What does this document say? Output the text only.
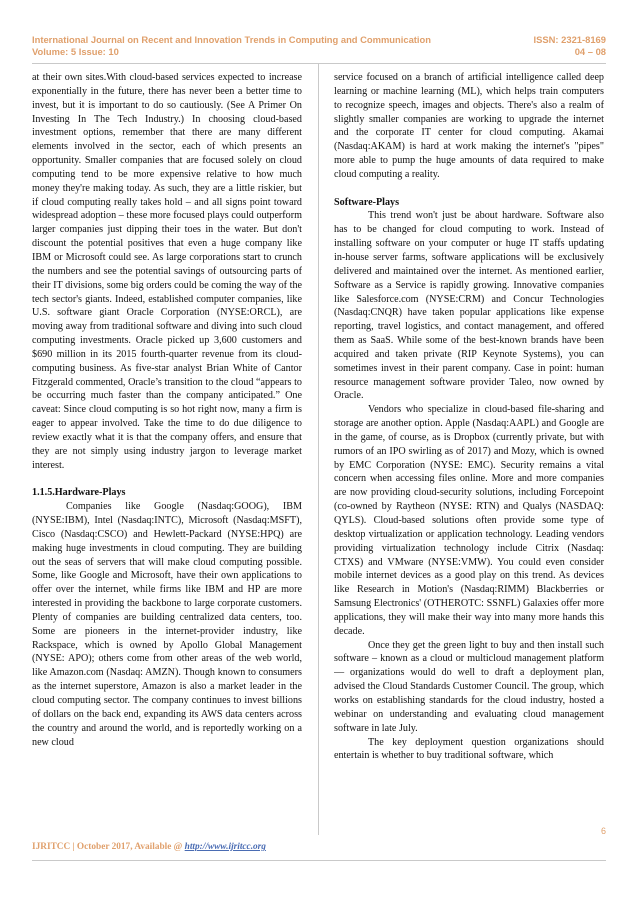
International Journal on Recent and Innovation Trends in Computing and Communication	ISSN: 2321-8169
Volume: 5 Issue: 10	04 – 08

at their own sites.With cloud-based services expected to increase exponentially in the future, there has never been a better time to invest, but it is important to do so cautiously. (See A Primer On Investing In The Tech Industry.) In choosing cloud-based investment options, remember that there are many different elements involved in the sector, each of which presents an opportunity. Smaller companies that are focused solely on cloud computing tend to be more expensive relative to how much money they're making today. As such, they are a little riskier, but if cloud computing really takes hold – and all signs point toward widespread adoption – these more focused plays could outperform larger companies just dipping their toes in the water. But don't discount the potential positives that even a huge company like IBM or Microsoft could see. As large corporations start to crunch the numbers and see the potential savings of outsourcing parts of their IT divisions, some big orders could be coming the way of the tech sector's giants. Indeed, established computer companies, like U.S. software giant Oracle Corporation (NYSE:ORCL), are moving away from traditional software and diving into such cloud computing investments. Oracle picked up 3,600 customers and $690 million in its 2015 fourth-quarter revenue from its cloud-computing business. As five-star analyst Brian White of Cantor Fitzgerald commented, Oracle’s transition to the cloud “appears to be occurring much faster than the company anticipated.” One caveat: Since cloud computing is so hot right now, many a firm is eager to appear involved. Take the time to do due diligence to review exactly what it is that the company offers, and ensure that they are not simply using industry jargon to leverage market interest.

1.1.5.Hardware-Plays

Companies like Google (Nasdaq:GOOG), IBM (NYSE:IBM), Intel (Nasdaq:INTC), Microsoft (Nasdaq:MSFT), Cisco (Nasdaq:CSCO) and Hewlett-Packard (NYSE:HPQ) are making huge investments in cloud computing. They are building out the seas of servers that will make cloud computing possible. Some, like Google and Microsoft, have their own applications to offer over the internet, while firms like IBM and HP are more interested in providing the backbone to large corporate customers. Plenty of companies are building centralized data centers, too. Some are pioneers in the internet-provider industry, like Rackspace, which is owned by Apollo Global Management (NYSE: APO); others come from other areas of the web world, like Amazon.com (Nasdaq: AMZN). Though known to consumers as the internet superstore, Amazon is also a market leader in the cloud computing sector. The company continues to invest billions of dollars on the back end, expanding its AWS data centers across the country and around the world, and is reportedly working on a new cloud

service focused on a branch of artificial intelligence called deep learning or machine learning (ML), which helps train computers to recognize speech, images and objects. There's also a realm of slightly smaller companies are working to upgrade the internet and the corporate IT center for cloud computing. Akamai (Nasdaq:AKAM) is hard at work making the internet's "pipes" more able to pump the huge amounts of data required to make cloud computing a reality.

Software-Plays

This trend won't just be about hardware. Software also has to be changed for cloud computing to work. Instead of installing software on your computer or huge IT staffs updating in-house server farms, software applications will be exclusively delivered and maintained over the internet. As mentioned earlier, Software as a Service is rapidly growing. Innovative companies like Salesforce.com (NYSE:CRM) and Concur Technologies (Nasdaq:CNQR) have taken popular applications like expense reporting, travel logistics, and contact management, and offered them as SaaS. While some of the best-known brands have been acquired and taken private (RIP Keynote Systems), you can sometimes invest in their parent company. Case in point: human resource management software provider Taleo, now owned by Oracle.

Vendors who specialize in cloud-based file-sharing and storage are another option. Apple (Nasdaq:AAPL) and Google are in the game, of course, as is Dropbox (currently private, but with rumors of an IPO swirling as of 2017) and Mozy, which is owned by EMC Corporation (NYSE: EMC). Security remains a vital concern when accessing files online. More and more companies are now providing cloud-security solutions, including Forcepoint (co-owned by Raytheon (NYSE: RTN) and Qualys (NASDAQ: QYLS). Cloud-based solutions often provide some type of desktop virtualization or application technology. Leading vendors providing virtualization technology include Citrix (Nasdaq: CTXS) and VMware (NYSE:VMW). You could even consider mobile internet devices as a good play on this trend. As devices like Research in Motion's (Nasdaq:RIMM) Blackberries or Samsung Electronics' (OTHEROTC: SSNFL) Galaxies offer more applications, they will make their way into many more hands this decade.

Once they get the green light to buy and then install such software – known as a cloud or multicloud management platform — organizations would do well to draft a deployment plan, advised the Cloud Standards Customer Council. The group, which works on establishing standards for the cloud industry, hosted a webinar on understanding and evaluating cloud management software in late July.

The key deployment question organizations should entertain is whether to buy traditional software, which

6
IJRITCC | October 2017, Available @ http://www.ijritcc.org
